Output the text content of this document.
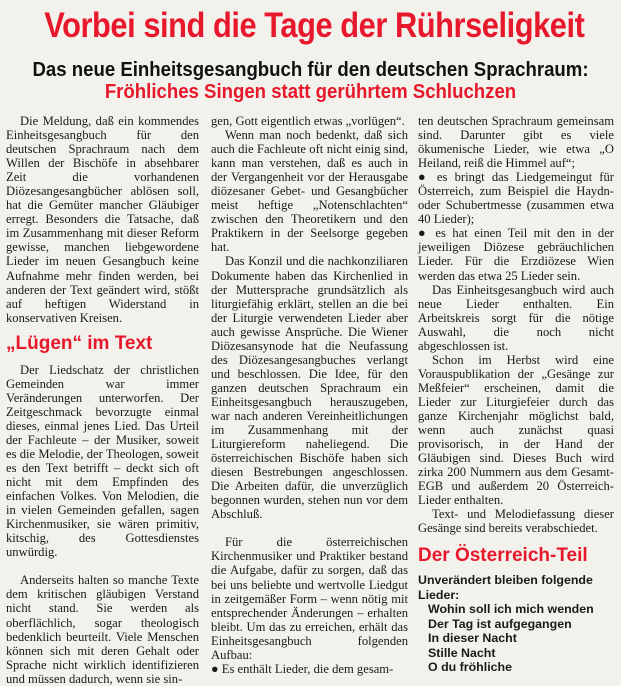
Vorbei sind die Tage der Rührseligkeit
Das neue Einheitsgesangbuch für den deutschen Sprachraum:
Fröhliches Singen statt gerührtem Schluchzen

Die Meldung, daß ein kommendes Einheitsgesangbuch für den deutschen Sprachraum nach dem Willen der Bischöfe in absehbarer Zeit die vorhandenen Diözesangesangbücher ablösen soll, hat die Gemüter mancher Gläubiger erregt. Besonders die Tatsache, daß im Zusammenhang mit dieser Reform gewisse, manchen liebgewordene Lieder im neuen Gesangbuch keine Aufnahme mehr finden werden, bei anderen der Text geändert wird, stößt auf heftigen Widerstand in konservativen Kreisen.

„Lügen“ im Text

Der Liedschatz der christlichen Gemeinden war immer Veränderungen unterworfen. Der Zeitgeschmack bevorzugte einmal dieses, einmal jenes Lied. Das Urteil der Fachleute – der Musiker, soweit es die Melodie, der Theologen, soweit es den Text betrifft – deckt sich oft nicht mit dem Empfinden des einfachen Volkes. Von Melodien, die in vielen Gemeinden gefallen, sagen Kirchenmusiker, sie wären primitiv, kitschig, des Gottesdienstes unwürdig.

Anderseits halten so manche Texte dem kritischen gläubigen Verstand nicht stand. Sie werden als oberflächlich, sogar theologisch bedenklich beurteilt. Viele Menschen können sich mit deren Gehalt oder Sprache nicht wirklich identifizieren und müssen dadurch, wenn sie sin-

gen, Gott eigentlich etwas „vorlügen“.

Wenn man noch bedenkt, daß sich auch die Fachleute oft nicht einig sind, kann man verstehen, daß es auch in der Vergangenheit vor der Herausgabe diözesaner Gebet- und Gesangbücher meist heftige „Notenschlachten“ zwischen den Theoretikern und den Praktikern in der Seelsorge gegeben hat.

Das Konzil und die nachkonziliaren Dokumente haben das Kirchenlied in der Muttersprache grundsätzlich als liturgiefähig erklärt, stellen an die bei der Liturgie verwendeten Lieder aber auch gewisse Ansprüche. Die Wiener Diözesansynode hat die Neufassung des Diözesangesangbuches verlangt und beschlossen. Die Idee, für den ganzen deutschen Sprachraum ein Einheitsgesangbuch herauszugeben, war nach anderen Vereinheitlichungen im Zusammenhang mit der Liturgiereform naheliegend. Die österreichischen Bischöfe haben sich diesen Bestrebungen angeschlossen. Die Arbeiten dafür, die unverzüglich begonnen wurden, stehen nun vor dem Abschluß.

Für die österreichischen Kirchenmusiker und Praktiker bestand die Aufgabe, dafür zu sorgen, daß das bei uns beliebte und wertvolle Liedgut in zeitgemäßer Form – wenn nötig mit entsprechender Änderungen – erhalten bleibt. Um das zu erreichen, erhält das Einheitsgesangbuch folgenden Aufbau:

● Es enthält Lieder, die dem gesam-

ten deutschen Sprachraum gemeinsam sind. Darunter gibt es viele ökumenische Lieder, wie etwa „O Heiland, reiß die Himmel auf“;

● es bringt das Liedgemeingut für Österreich, zum Beispiel die Haydn- oder Schubertmesse (zusammen etwa 40 Lieder);

● es hat einen Teil mit den in der jeweiligen Diözese gebräuchlichen Lieder. Für die Erzdiözese Wien werden das etwa 25 Lieder sein.

Das Einheitsgesangbuch wird auch neue Lieder enthalten. Ein Arbeitskreis sorgt für die nötige Auswahl, die noch nicht abgeschlossen ist.

Schon im Herbst wird eine Vorauspublikation der „Gesänge zur Meßfeier“ erscheinen, damit die Lieder zur Liturgiefeier durch das ganze Kirchenjahr möglichst bald, wenn auch zunächst quasi provisorisch, in der Hand der Gläubigen sind. Dieses Buch wird zirka 200 Nummern aus dem Gesamt-EGB und außerdem 20 Österreich-Lieder enthalten.

Text- und Melodiefassung dieser Gesänge sind bereits verabschiedet.

Der Österreich-Teil
Unverändert bleiben folgende Lieder:
Wohin soll ich mich wenden
Der Tag ist aufgegangen
In dieser Nacht
Stille Nacht
O du fröhliche
